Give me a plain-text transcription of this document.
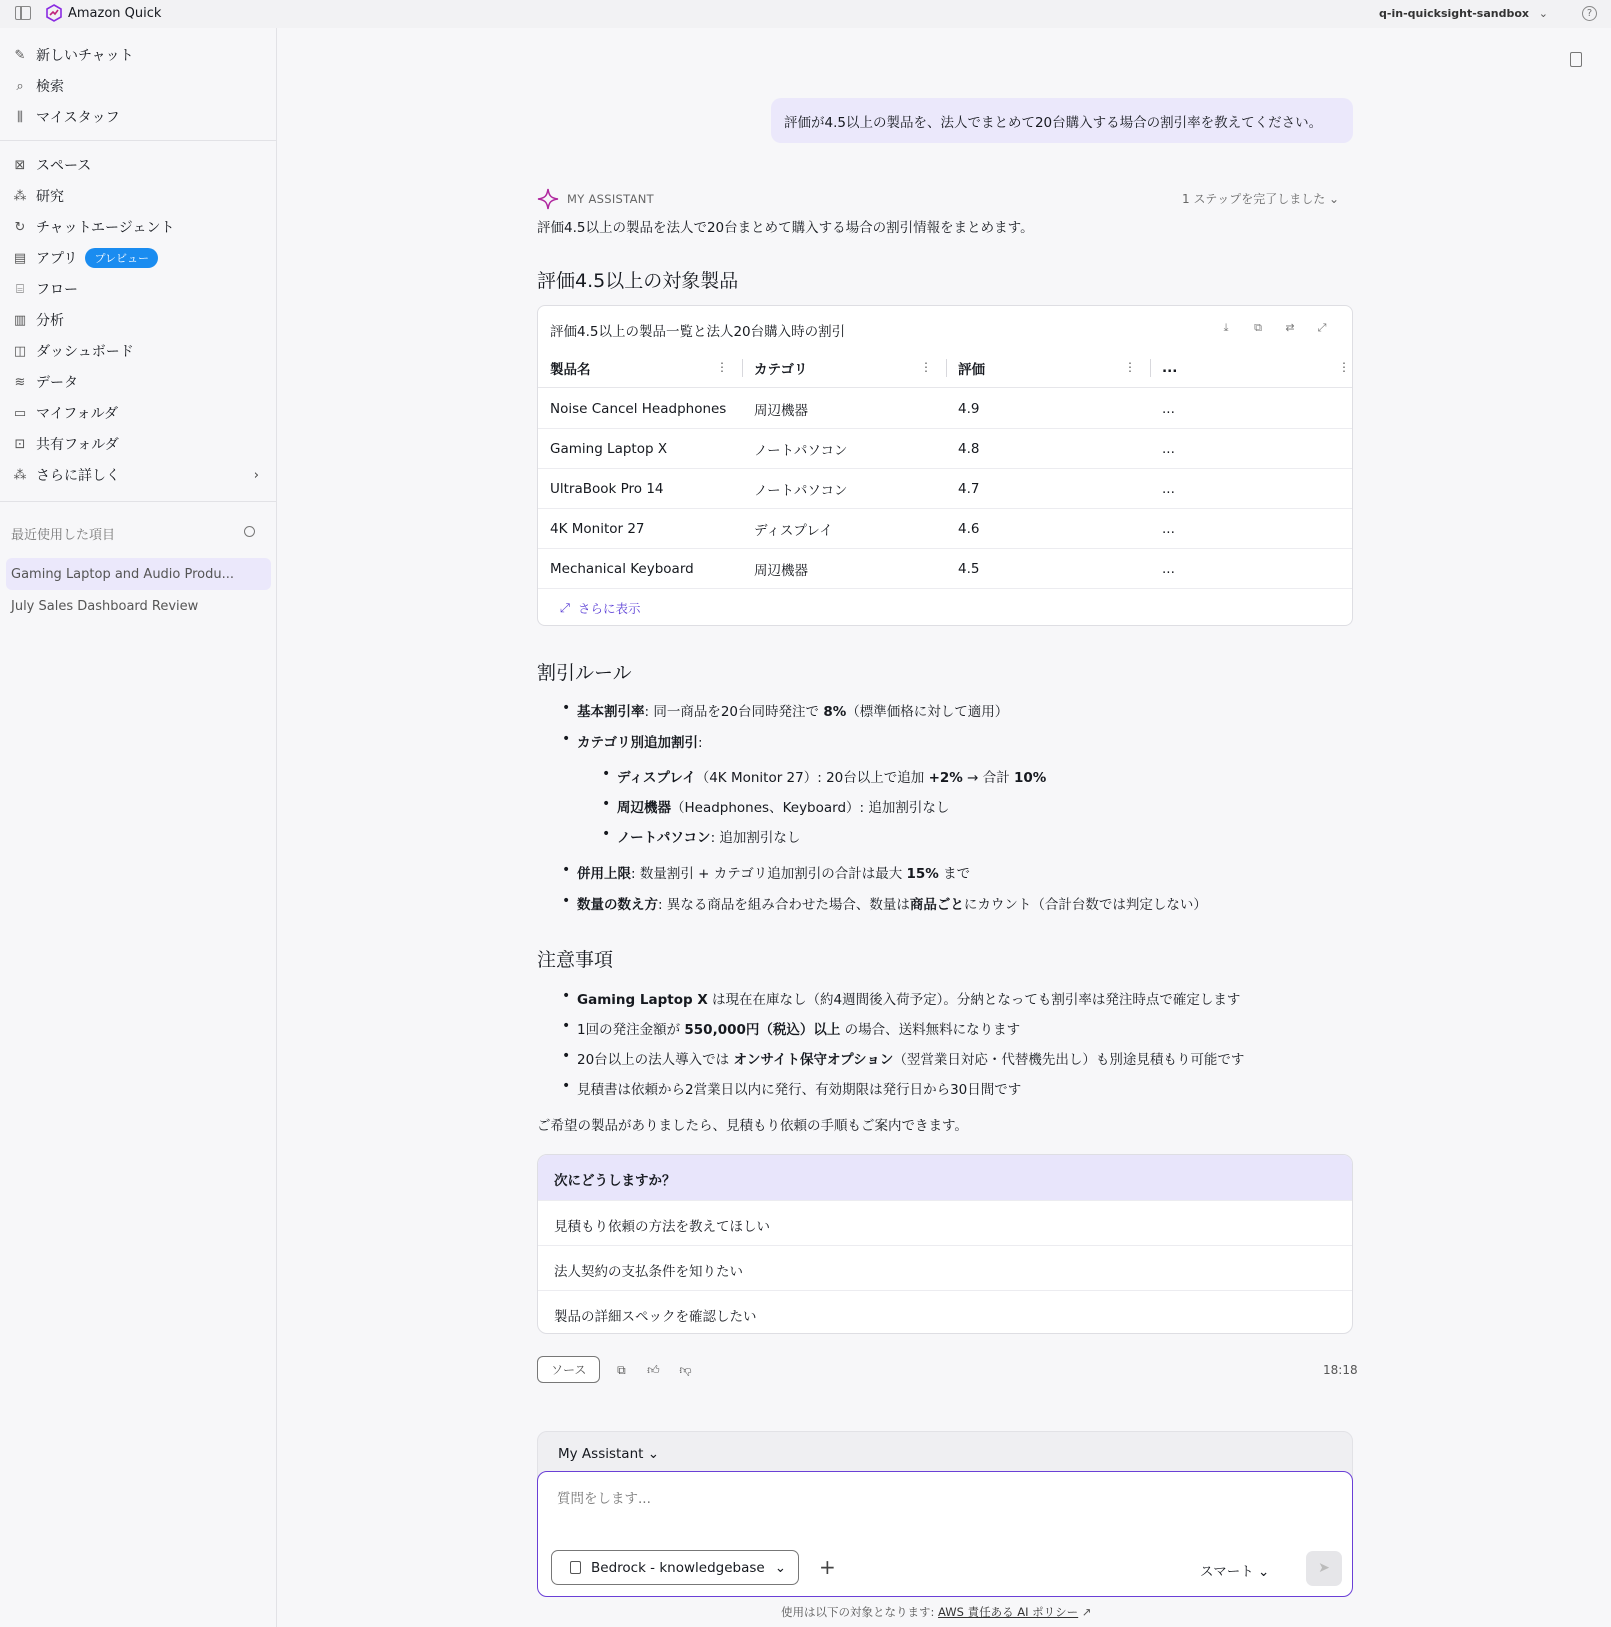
Amazon Quick	q-in-quicksight-sandbox ⌄	?
✎ 新しいチャット
⌕ 検索
⫼ マイスタッフ
⊠ スペース
⁂ 研究
↻ チャットエージェント
▤ アプリ	プレビュー
⌸ フロー
▥ 分析
◫ ダッシュボード
≋ データ
▭ マイフォルダ
⊡ 共有フォルダ
⁂ さらに詳しく	›
最近使用した項目
Gaming Laptop and Audio Produ...
July Sales Dashboard Review
評価が4.5以上の製品を、法人でまとめて20台購入する場合の割引率を教えてください。
MY ASSISTANT	1 ステップを完了しました ⌄
評価4.5以上の製品を法人で20台まとめて購入する場合の割引情報をまとめます。
評価4.5以上の対象製品
評価4.5以上の製品一覧と法人20台購入時の割引	⤓	⧉ ⇄ ⤢
製品名	⋮ カテゴリ	⋮ 評価	⋮ ...	⋮
Noise Cancel Headphones 周辺機器	4.9	...
Gaming Laptop X	ノートパソコン	4.8	...
UltraBook Pro 14	ノートパソコン	4.7	...
4K Monitor 27	ディスプレイ	4.6	...
Mechanical Keyboard	周辺機器	4.5	...
⤢ さらに表示
割引ルール
• 基本割引率: 同一商品を20台同時発注で 8%（標準価格に対して適用）
• カテゴリ別追加割引:
• ディスプレイ（4K Monitor 27）: 20台以上で追加 +2% → 合計 10%
• 周辺機器（Headphones、Keyboard）: 追加割引なし
• ノートパソコン: 追加割引なし
• 併用上限: 数量割引 + カテゴリ追加割引の合計は最大 15% まで
• 数量の数え方: 異なる商品を組み合わせた場合、数量は商品ごとにカウント（合計台数では判定しない）
注意事項
• Gaming Laptop X は現在在庫なし（約4週間後入荷予定）。分納となっても割引率は発注時点で確定します
• 1回の発注金額が 550,000円（税込）以上 の場合、送料無料になります
• 20台以上の法人導入では オンサイト保守オプション（翌営業日対応・代替機先出し）も別途見積もり可能です
• 見積書は依頼から2営業日以内に発行、有効期限は発行日から30日間です
ご希望の製品がありましたら、見積もり依頼の手順もご案内できます。
次にどうしますか？
見積もり依頼の方法を教えてほしい
法人契約の支払条件を知りたい
製品の詳細スペックを確認したい
ソース	⧉ 👍︎ 👎︎	18:18
My Assistant ⌄
質問をします...
Bedrock - knowledgebase ⌄ +	スマート ⌄	➤
使用は以下の対象となります: AWS 責任ある AI ポリシー ↗
